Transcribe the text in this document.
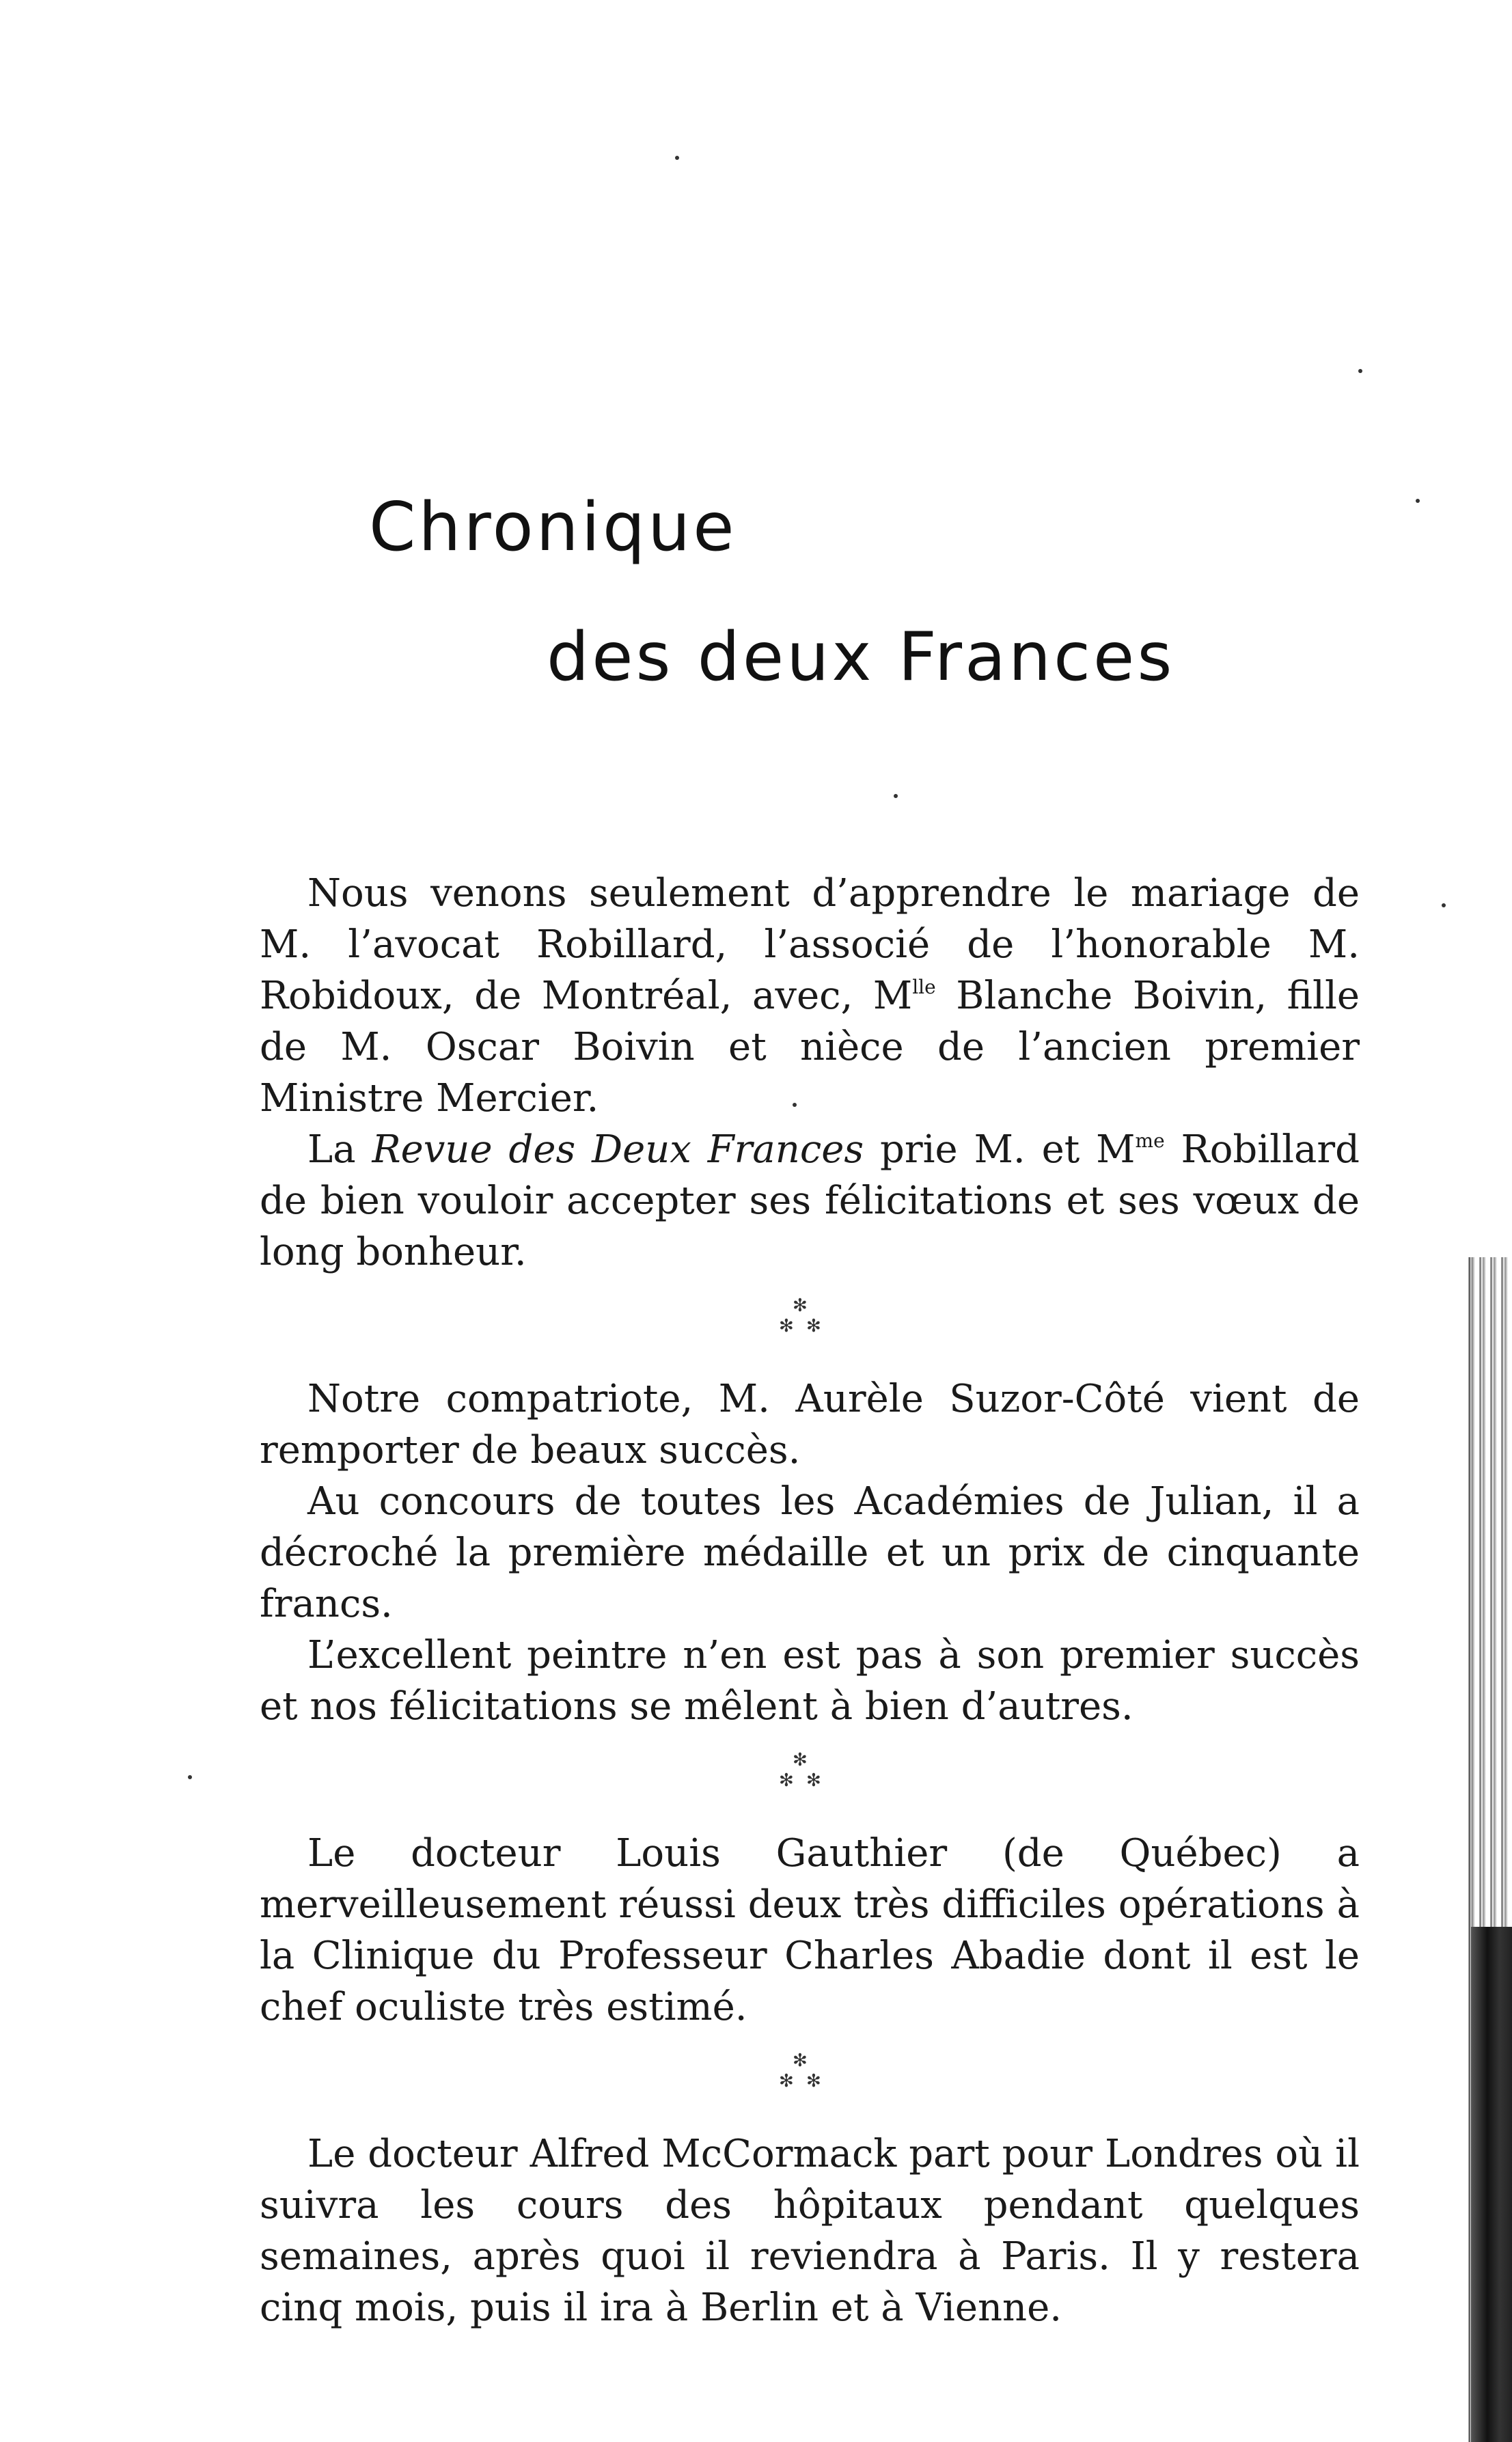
Chronique
des deux Frances

Nous venons seulement d’apprendre le mariage de M. l’avocat Robillard, l’associé de l’honorable M. Robidoux, de Montréal, avec, $M^{lle}$ Blanche Boivin, fille de M. Oscar Boivin et nièce de l’ancien premier Ministre Mercier.

La Revue des Deux Frances prie M. et $M^{me}$ Robillard de bien vouloir accepter ses félicitations et ses vœux de long bonheur.

✻
✻ ✻

Notre compatriote, M. Aurèle Suzor-Côté vient de remporter de beaux succès.

Au concours de toutes les Académies de Julian, il a décroché la première médaille et un prix de cinquante francs.

L’excellent peintre n’en est pas à son premier succès et nos félicitations se mêlent à bien d’autres.

✻
✻ ✻

Le docteur Louis Gauthier (de Québec) a merveilleusement réussi deux très difficiles opérations à la Clinique du Professeur Charles Abadie dont il est le chef oculiste très estimé.

✻
✻ ✻

Le docteur Alfred McCormack part pour Londres où il suivra les cours des hôpitaux pendant quelques semaines, après quoi il reviendra à Paris. Il y restera cinq mois, puis il ira à Berlin et à Vienne.
